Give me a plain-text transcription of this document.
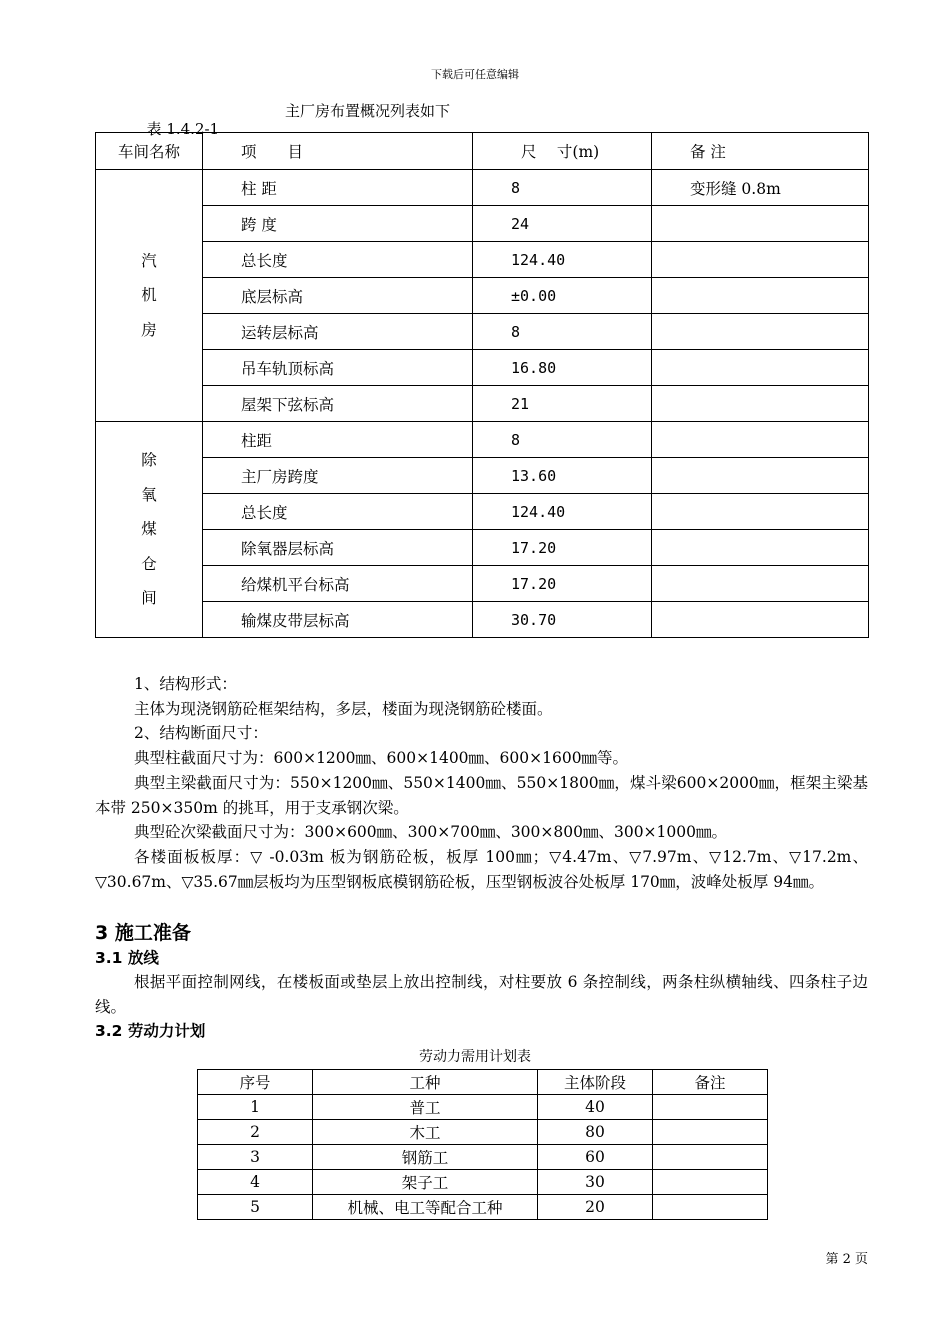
下载后可任意编辑

表 1.4.2-1

主厂房布置概况列表如下

车间名称	项　　目	尺　 寸(m)	备 注

汽
机
房	柱 距	8	变形缝 0.8m
	跨 度	24	
	总长度	124.40	
	底层标高	±0.00	
	运转层标高	8	
	吊车轨顶标高	16.80	
	屋架下弦标高	21	

除
氧
煤
仓
间	柱距	8	
	主厂房跨度	13.60	
	总长度	124.40	
	除氧器层标高	17.20	
	给煤机平台标高	17.20	
	输煤皮带层标高	30.70	

1、结构形式：

主体为现浇钢筋砼框架结构，多层，楼面为现浇钢筋砼楼面。

2、结构断面尺寸：

典型柱截面尺寸为：600×1200㎜、600×1400㎜、600×1600㎜等。

典型主梁截面尺寸为：550×1200㎜、550×1400㎜、550×1800㎜，煤斗梁600×2000㎜，框架主梁基本带 250×350m 的挑耳，用于支承钢次梁。

典型砼次梁截面尺寸为：300×600㎜、300×700㎜、300×800㎜、300×1000㎜。

各楼面板板厚：▽ -0.03m 板为钢筋砼板，板厚 100㎜；▽4.47m、▽7.97m、▽12.7m、▽17.2m、▽30.67m、▽35.67㎜层板均为压型钢板底模钢筋砼板，压型钢板波谷处板厚 170㎜，波峰处板厚 94㎜。

3 施工准备

3.1 放线

根据平面控制网线，在楼板面或垫层上放出控制线，对柱要放 6 条控制线，两条柱纵横轴线、四条柱子边线。

3.2 劳动力计划

劳动力需用计划表
序号	工种	主体阶段	备注
1	普工	40	
2	木工	80	
3	钢筋工	60	
4	架子工	30	
5	机械、电工等配合工种	20	
第 2 页
